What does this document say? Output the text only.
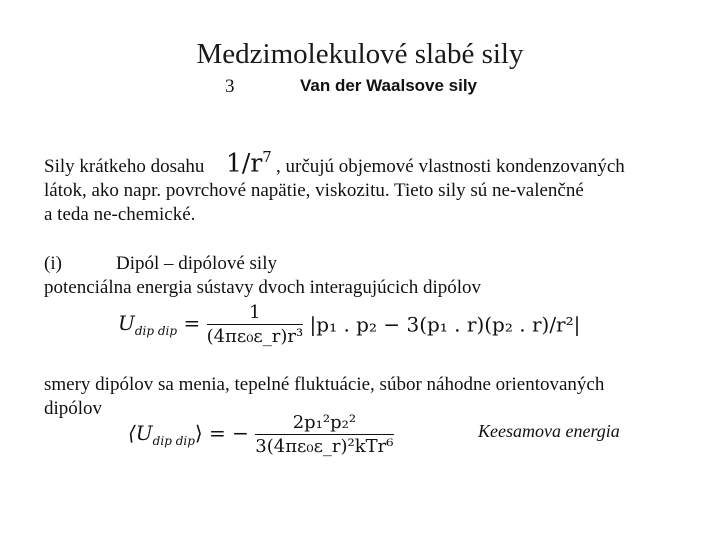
Medzimolekulové slabé sily
3	Van der Waalsove sily
Sily krátkeho dosahu $1/r^7$ , určujú objemové vlastnosti kondenzovaných
látok, ako napr. povrchové napätie, viskozitu. Tieto sily sú ne-valenčné
a teda ne-chemické.
(i)	Dipól – dipólové sily
potenciálna energia sústavy dvoch interagujúcich dipólov
$U_{dip dip} = \frac{1}{\text{(4πε₀ε\_r)r³}} |p_1$ . p₂ − 3(p₁ . r)(p₂ . r)/r²|
smery dipólov sa menia, tepelné fluktuácie, súbor náhodne orientovaných
dipólov
$⟨U_{dip dip}⟩$ = − $\frac{\text{2p₁²p₂²}}{\text{3(4πε₀ε\_r)²kTr⁶}}$	Keesamova energia
